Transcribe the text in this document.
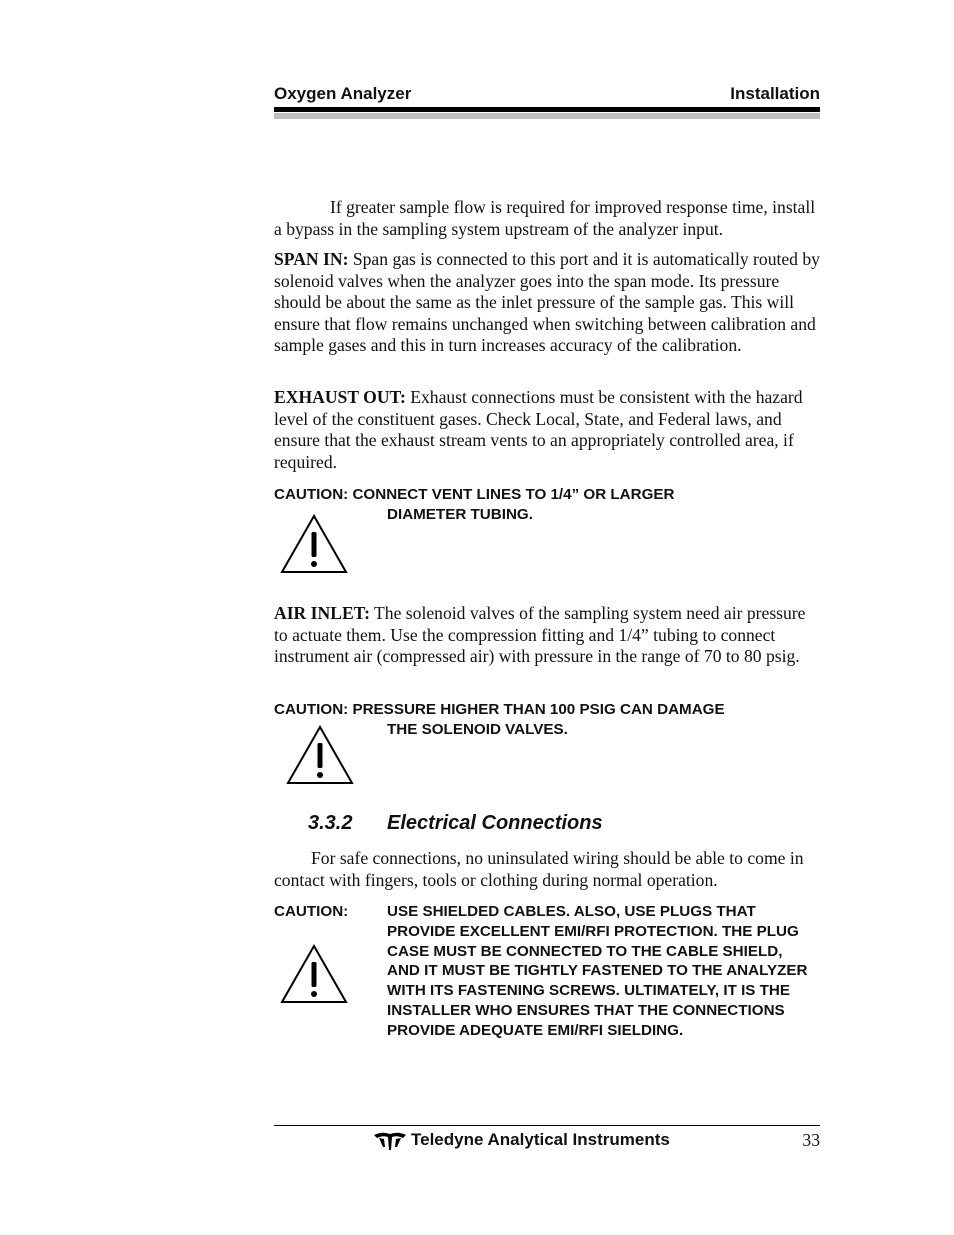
Oxygen Analyzer	Installation

If greater sample flow is required for improved response time, install a bypass in the sampling system upstream of the analyzer input.

SPAN IN: Span gas is connected to this port and it is automatically routed by solenoid valves when the analyzer goes into the span mode. Its pressure should be about the same as the inlet pressure of the sample gas. This will ensure that flow remains unchanged when switching between calibration and sample gases and this in turn increases accuracy of the calibration.

EXHAUST OUT: Exhaust connections must be consistent with the hazard level of the constituent gases. Check Local, State, and Federal laws, and ensure that the exhaust stream vents to an appropriately controlled area, if required.

CAUTION: CONNECT VENT LINES TO 1/4” OR LARGER

DIAMETER TUBING.

AIR INLET: The solenoid valves of the sampling system need air pressure to actuate them. Use the compression fitting and 1/4” tubing to connect instrument air (compressed air) with pressure in the range of 70 to 80 psig.

CAUTION: PRESSURE HIGHER THAN 100 PSIG CAN DAMAGE

THE SOLENOID VALVES.

3.3.2 Electrical Connections

For safe connections, no uninsulated wiring should be able to come in contact with fingers, tools or clothing during normal operation.

CAUTION:	USE SHIELDED CABLES. ALSO, USE PLUGS THAT PROVIDE EXCELLENT EMI/RFI PROTECTION. THE PLUG CASE MUST BE CONNECTED TO THE CABLE SHIELD, AND IT MUST BE TIGHTLY FASTENED TO THE ANALYZER WITH ITS FASTENING SCREWS. ULTIMATELY, IT IS THE INSTALLER WHO ENSURES THAT THE CONNECTIONS PROVIDE ADEQUATE EMI/RFI SIELDING.

Teledyne Analytical Instruments	33
